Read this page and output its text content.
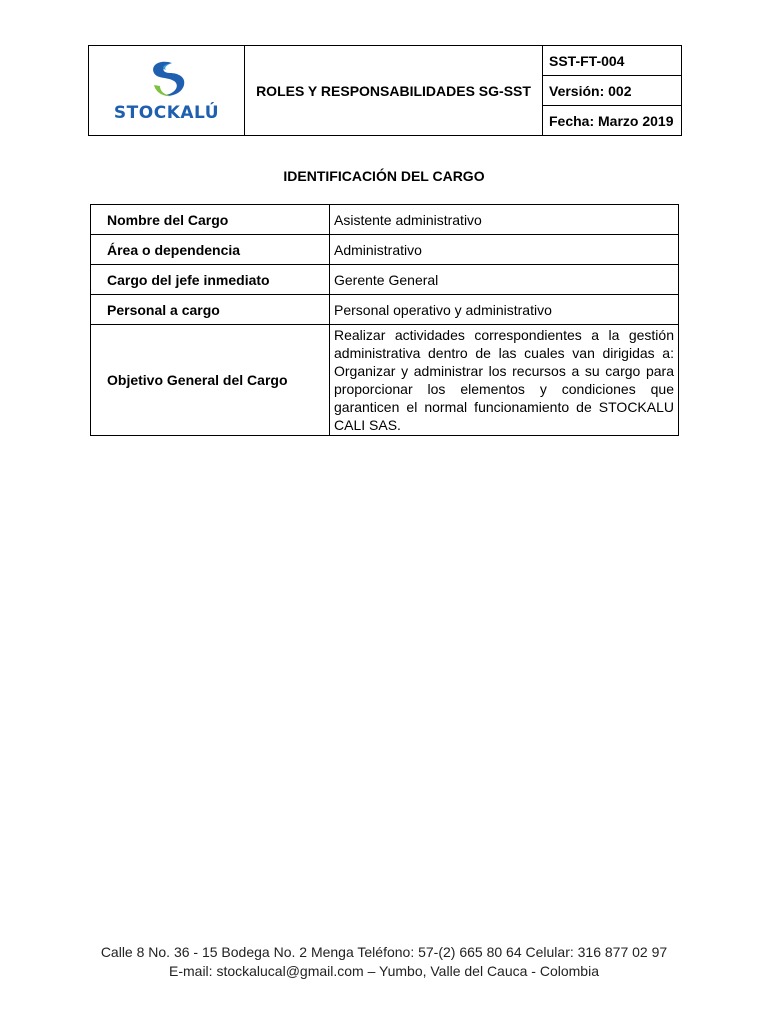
STOCKALÚ
	ROLES Y RESPONSABILIDADES SG-SST	SST-FT-004
Versión: 002
Fecha: Marzo 2019
IDENTIFICACIÓN DEL CARGO
Nombre del Cargo	Asistente administrativo
Área o dependencia	Administrativo
Cargo del jefe inmediato	Gerente General
Personal a cargo	Personal operativo y administrativo
Objetivo General del Cargo	Realizar actividades correspondientes a la gestión administrativa dentro de las cuales van dirigidas a: Organizar y administrar los recursos a su cargo para proporcionar los elementos y condiciones que garanticen el normal funcionamiento de STOCKALU CALI SAS.
Calle 8 No. 36 - 15 Bodega No. 2 Menga Teléfono: 57-(2) 665 80 64 Celular: 316 877 02 97
E-mail: stockalucal@gmail.com – Yumbo, Valle del Cauca - Colombia
